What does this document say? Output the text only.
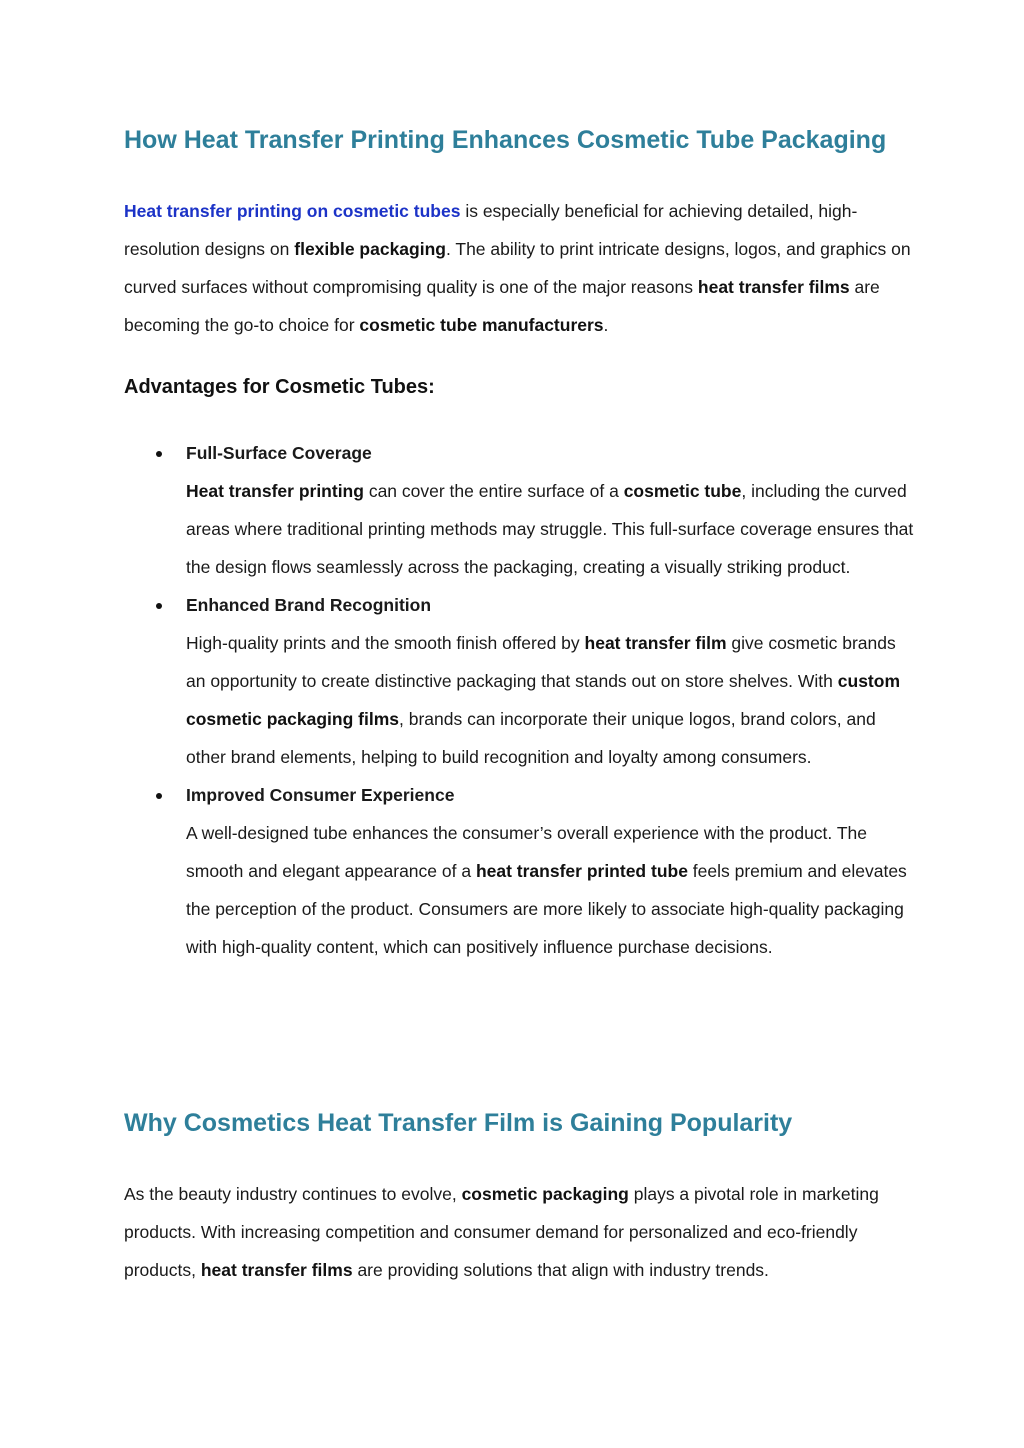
How Heat Transfer Printing Enhances Cosmetic Tube Packaging

Heat transfer printing on cosmetic tubes is especially beneficial for achieving detailed, high-resolution designs on flexible packaging. The ability to print intricate designs, logos, and graphics on curved surfaces without compromising quality is one of the major reasons heat transfer films are becoming the go-to choice for cosmetic tube manufacturers.

Advantages for Cosmetic Tubes:
Full-Surface Coverage

Heat transfer printing can cover the entire surface of a cosmetic tube, including the curved areas where traditional printing methods may struggle. This full-surface coverage ensures that the design flows seamlessly across the packaging, creating a visually striking product.

Enhanced Brand Recognition

High-quality prints and the smooth finish offered by heat transfer film give cosmetic brands an opportunity to create distinctive packaging that stands out on store shelves. With custom cosmetic packaging films, brands can incorporate their unique logos, brand colors, and other brand elements, helping to build recognition and loyalty among consumers.

Improved Consumer Experience

A well-designed tube enhances the consumer’s overall experience with the product. The smooth and elegant appearance of a heat transfer printed tube feels premium and elevates the perception of the product. Consumers are more likely to associate high-quality packaging with high-quality content, which can positively influence purchase decisions.

Why Cosmetics Heat Transfer Film is Gaining Popularity

As the beauty industry continues to evolve, cosmetic packaging plays a pivotal role in marketing products. With increasing competition and consumer demand for personalized and eco-friendly products, heat transfer films are providing solutions that align with industry trends.
